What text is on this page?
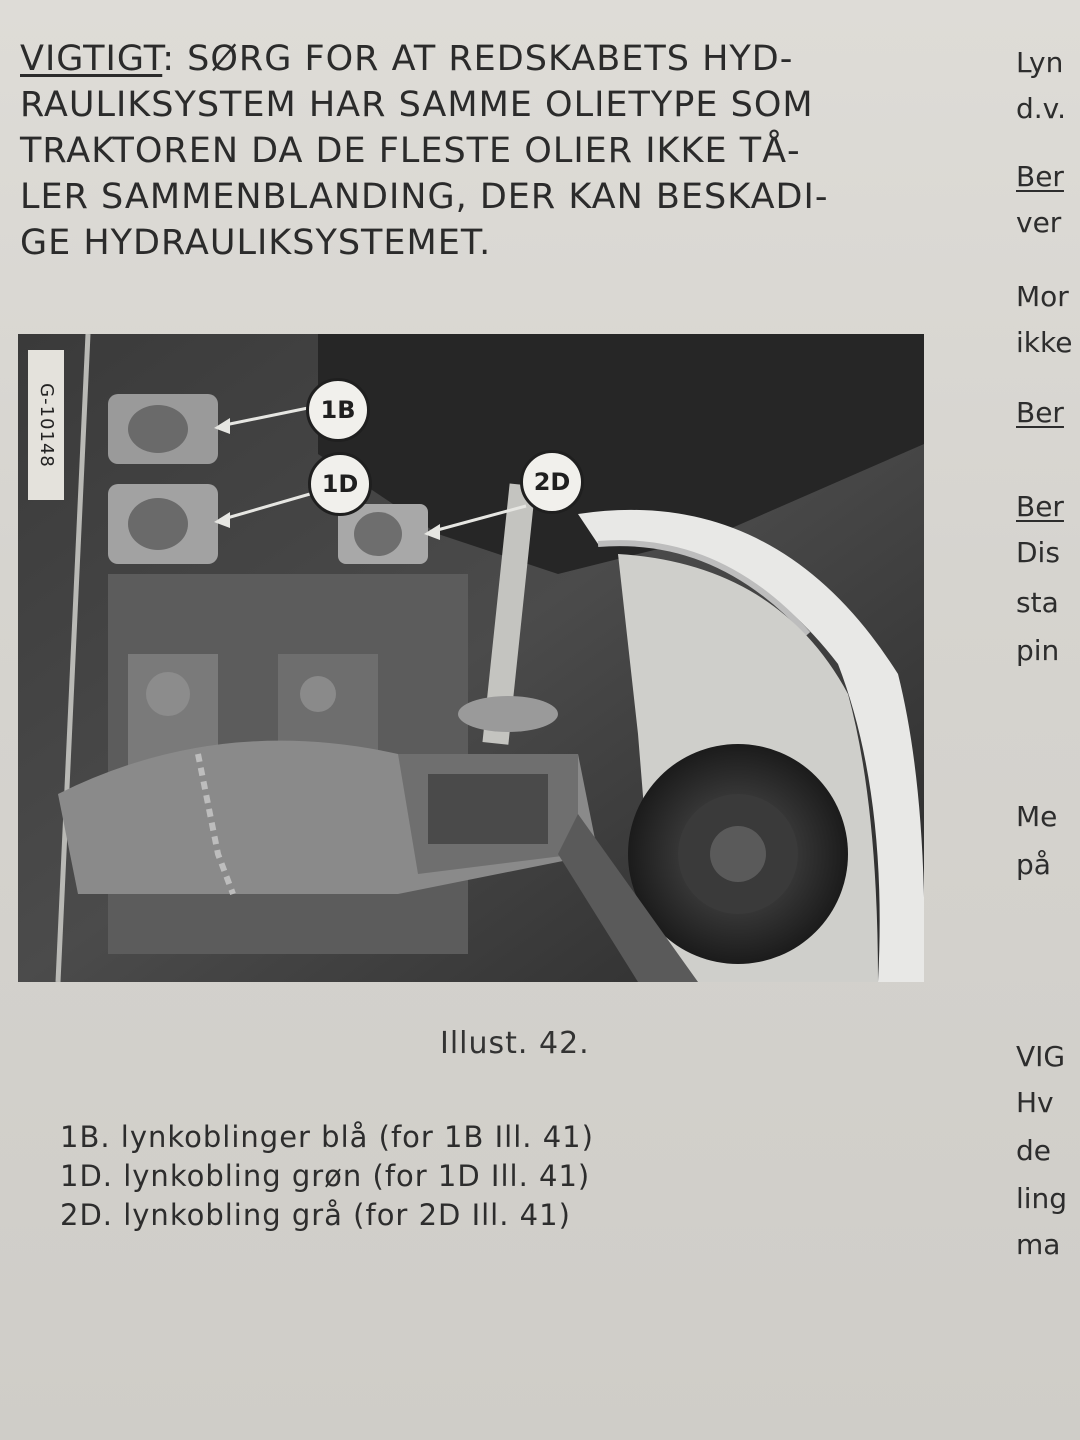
VIGTIGT: SØRG FOR AT REDSKABETS HYD-
RAULIKSYSTEM HAR SAMME OLIETYPE SOM
TRAKTOREN DA DE FLESTE OLIER IKKE TÅ-
LER SAMMENBLANDING, DER KAN BESKADI-
GE HYDRAULIKSYSTEMET.
G-10148	1B
1D	2D
Illust. 42.
1B. lynkoblinger blå (for 1B Ill. 41)
1D. lynkobling grøn (for 1D Ill. 41)
2D. lynkobling grå (for 2D Ill. 41)
Lyn
d.v.
Ber
ver
Mor
ikke
Ber
Ber
Dis
sta
pin
Me
på
VIG
Hv
de
ling
ma
